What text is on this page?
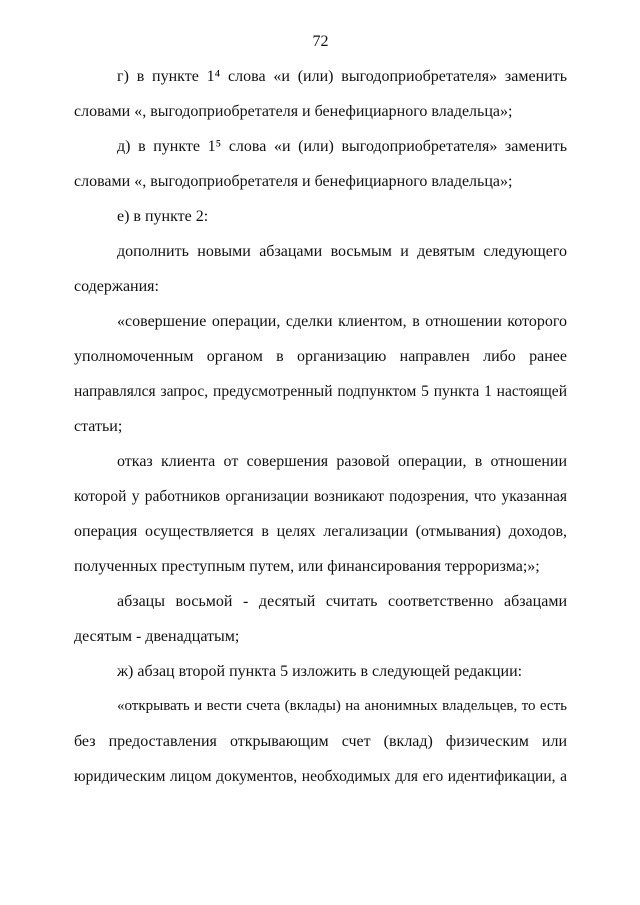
72
г) в пункте 1⁴ слова «и (или) выгодоприобретателя» заменить
словами «, выгодоприобретателя и бенефициарного владельца»;
д) в пункте 1⁵ слова «и (или) выгодоприобретателя» заменить
словами «, выгодоприобретателя и бенефициарного владельца»;
е) в пункте 2:
дополнить новыми абзацами восьмым и девятым следующего
содержания:
«совершение операции, сделки клиентом, в отношении которого
уполномоченным органом в организацию направлен либо ранее
направлялся запрос, предусмотренный подпунктом 5 пункта 1 настоящей
статьи;
отказ клиента от совершения разовой операции, в отношении
которой у работников организации возникают подозрения, что указанная
операция осуществляется в целях легализации (отмывания) доходов,
полученных преступным путем, или финансирования терроризма;»;
абзацы восьмой - десятый считать соответственно абзацами
десятым - двенадцатым;
ж) абзац второй пункта 5 изложить в следующей редакции:
«открывать и вести счета (вклады) на анонимных владельцев, то есть
без предоставления открывающим счет (вклад) физическим или
юридическим лицом документов, необходимых для его идентификации, а
